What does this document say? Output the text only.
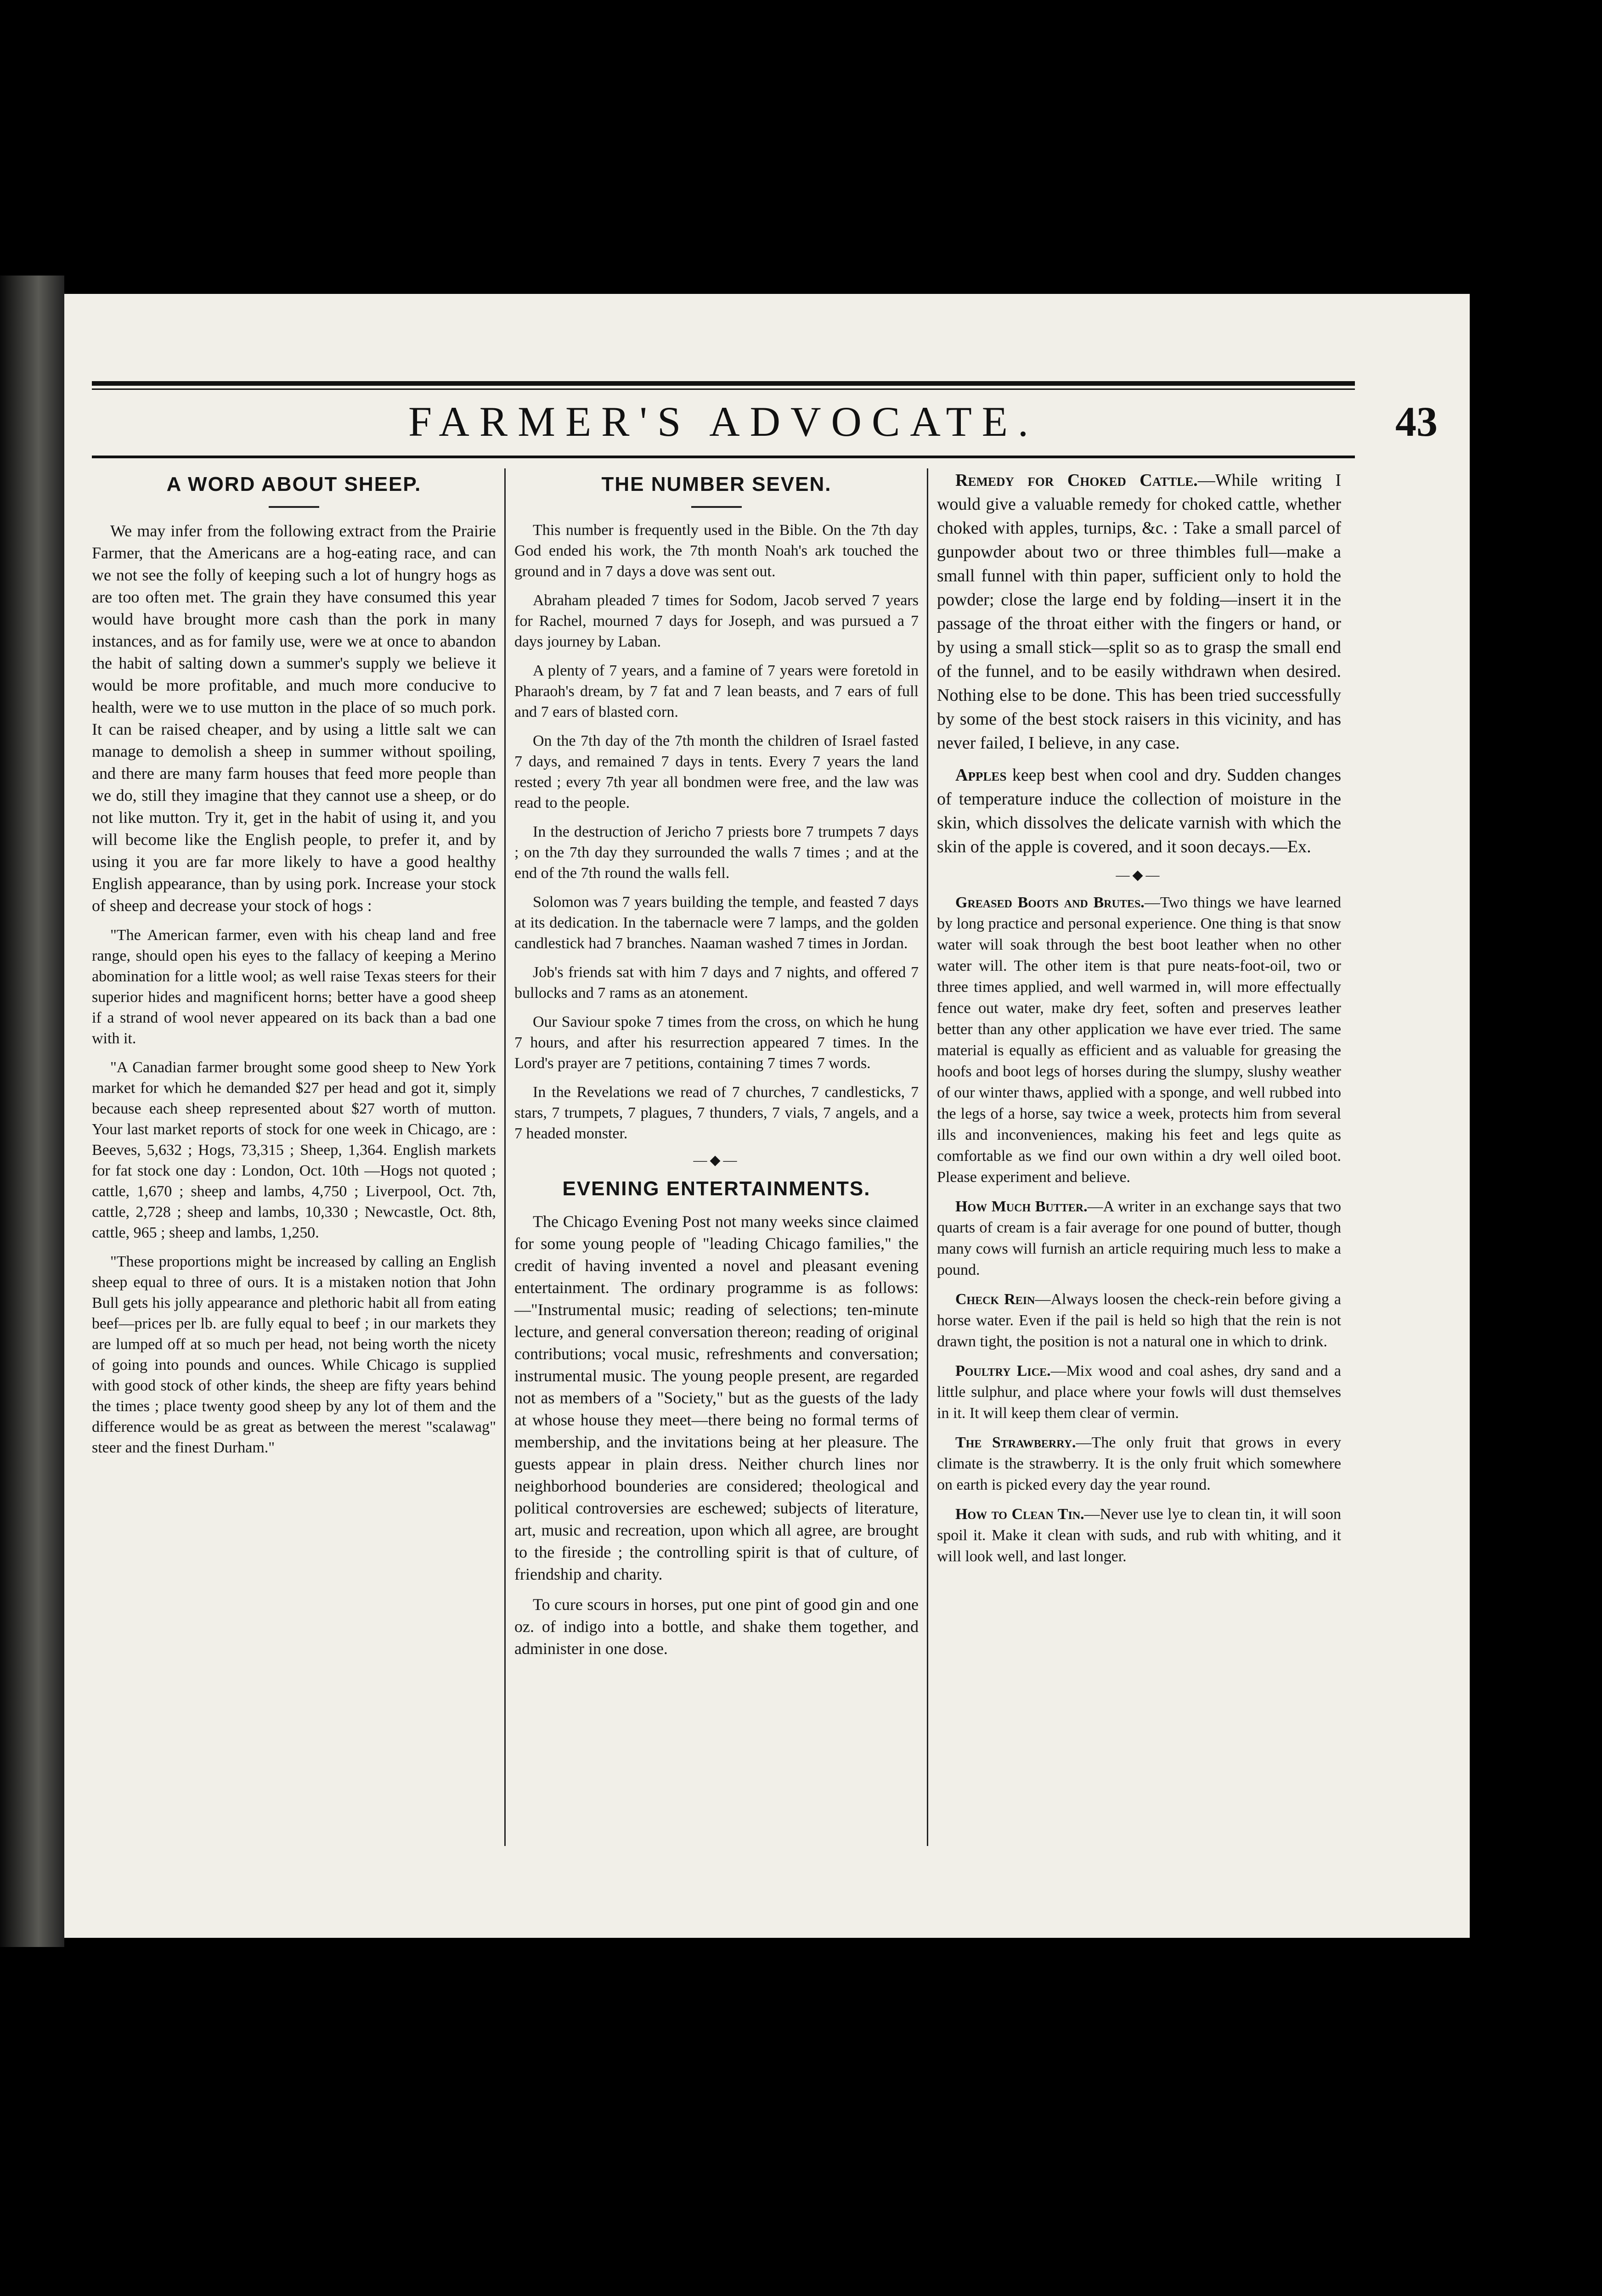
FARMER'S ADVOCATE.	43
A WORD ABOUT SHEEP.

We may infer from the following extract from the Prairie Farmer, that the Americans are a hog-eating race, and can we not see the folly of keeping such a lot of hungry hogs as are too often met. The grain they have consumed this year would have brought more cash than the pork in many instances, and as for family use, were we at once to abandon the habit of salting down a summer's supply we believe it would be more profitable, and much more conducive to health, were we to use mutton in the place of so much pork. It can be raised cheaper, and by using a little salt we can manage to demolish a sheep in summer without spoiling, and there are many farm houses that feed more people than we do, still they imagine that they cannot use a sheep, or do not like mutton. Try it, get in the habit of using it, and you will become like the English people, to prefer it, and by using it you are far more likely to have a good healthy English appearance, than by using pork. Increase your stock of sheep and decrease your stock of hogs :

"The American farmer, even with his cheap land and free range, should open his eyes to the fallacy of keeping a Merino abomination for a little wool; as well raise Texas steers for their superior hides and magnificent horns; better have a good sheep if a strand of wool never appeared on its back than a bad one with it.

"A Canadian farmer brought some good sheep to New York market for which he demanded $27 per head and got it, simply because each sheep represented about $27 worth of mutton. Your last market reports of stock for one week in Chicago, are : Beeves, 5,632 ; Hogs, 73,315 ; Sheep, 1,364. English markets for fat stock one day : London, Oct. 10th —Hogs not quoted ; cattle, 1,670 ; sheep and lambs, 4,750 ; Liverpool, Oct. 7th, cattle, 2,728 ; sheep and lambs, 10,330 ; Newcastle, Oct. 8th, cattle, 965 ; sheep and lambs, 1,250.

"These proportions might be increased by calling an English sheep equal to three of ours. It is a mistaken notion that John Bull gets his jolly appearance and plethoric habit all from eating beef—prices per lb. are fully equal to beef ; in our markets they are lumped off at so much per head, not being worth the nicety of going into pounds and ounces. While Chicago is supplied with good stock of other kinds, the sheep are fifty years behind the times ; place twenty good sheep by any lot of them and the difference would be as great as between the merest "scalawag" steer and the finest Durham."

THE NUMBER SEVEN.

This number is frequently used in the Bible. On the 7th day God ended his work, the 7th month Noah's ark touched the ground and in 7 days a dove was sent out.

Abraham pleaded 7 times for Sodom, Jacob served 7 years for Rachel, mourned 7 days for Joseph, and was pursued a 7 days journey by Laban.

A plenty of 7 years, and a famine of 7 years were foretold in Pharaoh's dream, by 7 fat and 7 lean beasts, and 7 ears of full and 7 ears of blasted corn.

On the 7th day of the 7th month the children of Israel fasted 7 days, and remained 7 days in tents. Every 7 years the land rested ; every 7th year all bondmen were free, and the law was read to the people.

In the destruction of Jericho 7 priests bore 7 trumpets 7 days ; on the 7th day they surrounded the walls 7 times ; and at the end of the 7th round the walls fell.

Solomon was 7 years building the temple, and feasted 7 days at its dedication. In the tabernacle were 7 lamps, and the golden candlestick had 7 branches. Naaman washed 7 times in Jordan.

Job's friends sat with him 7 days and 7 nights, and offered 7 bullocks and 7 rams as an atonement.

Our Saviour spoke 7 times from the cross, on which he hung 7 hours, and after his resurrection appeared 7 times. In the Lord's prayer are 7 petitions, containing 7 times 7 words.

In the Revelations we read of 7 churches, 7 candlesticks, 7 stars, 7 trumpets, 7 plagues, 7 thunders, 7 vials, 7 angels, and a 7 headed monster.

—◆—
EVENING ENTERTAINMENTS.

The Chicago Evening Post not many weeks since claimed for some young people of "leading Chicago families," the credit of having invented a novel and pleasant evening entertainment. The ordinary programme is as follows:—"Instrumental music; reading of selections; ten-minute lecture, and general conversation thereon; reading of original contributions; vocal music, refreshments and conversation; instrumental music. The young people present, are regarded not as members of a "Society," but as the guests of the lady at whose house they meet—there being no formal terms of membership, and the invitations being at her pleasure. The guests appear in plain dress. Neither church lines nor neighborhood bounderies are considered; theological and political controversies are eschewed; subjects of literature, art, music and recreation, upon which all agree, are brought to the fireside ; the controlling spirit is that of culture, of friendship and charity.

To cure scours in horses, put one pint of good gin and one oz. of indigo into a bottle, and shake them together, and administer in one dose.

Remedy for Choked Cattle.—While writing I would give a valuable remedy for choked cattle, whether choked with apples, turnips, &c. : Take a small parcel of gunpowder about two or three thimbles full—make a small funnel with thin paper, sufficient only to hold the powder; close the large end by folding—insert it in the passage of the throat either with the fingers or hand, or by using a small stick—split so as to grasp the small end of the funnel, and to be easily withdrawn when desired. Nothing else to be done. This has been tried successfully by some of the best stock raisers in this vicinity, and has never failed, I believe, in any case.

Apples keep best when cool and dry. Sudden changes of temperature induce the collection of moisture in the skin, which dissolves the delicate varnish with which the skin of the apple is covered, and it soon decays.—Ex.

—◆—

Greased Boots and Brutes.—Two things we have learned by long practice and personal experience. One thing is that snow water will soak through the best boot leather when no other water will. The other item is that pure neats-foot-oil, two or three times applied, and well warmed in, will more effectually fence out water, make dry feet, soften and preserves leather better than any other application we have ever tried. The same material is equally as efficient and as valuable for greasing the hoofs and boot legs of horses during the slumpy, slushy weather of our winter thaws, applied with a sponge, and well rubbed into the legs of a horse, say twice a week, protects him from several ills and inconveniences, making his feet and legs quite as comfortable as we find our own within a dry well oiled boot. Please experiment and believe.

How Much Butter.—A writer in an exchange says that two quarts of cream is a fair average for one pound of butter, though many cows will furnish an article requiring much less to make a pound.

Check Rein—Always loosen the check-rein before giving a horse water. Even if the pail is held so high that the rein is not drawn tight, the position is not a natural one in which to drink.

Poultry Lice.—Mix wood and coal ashes, dry sand and a little sulphur, and place where your fowls will dust themselves in it. It will keep them clear of vermin.

The Strawberry.—The only fruit that grows in every climate is the strawberry. It is the only fruit which somewhere on earth is picked every day the year round.

How to Clean Tin.—Never use lye to clean tin, it will soon spoil it. Make it clean with suds, and rub with whiting, and it will look well, and last longer.
